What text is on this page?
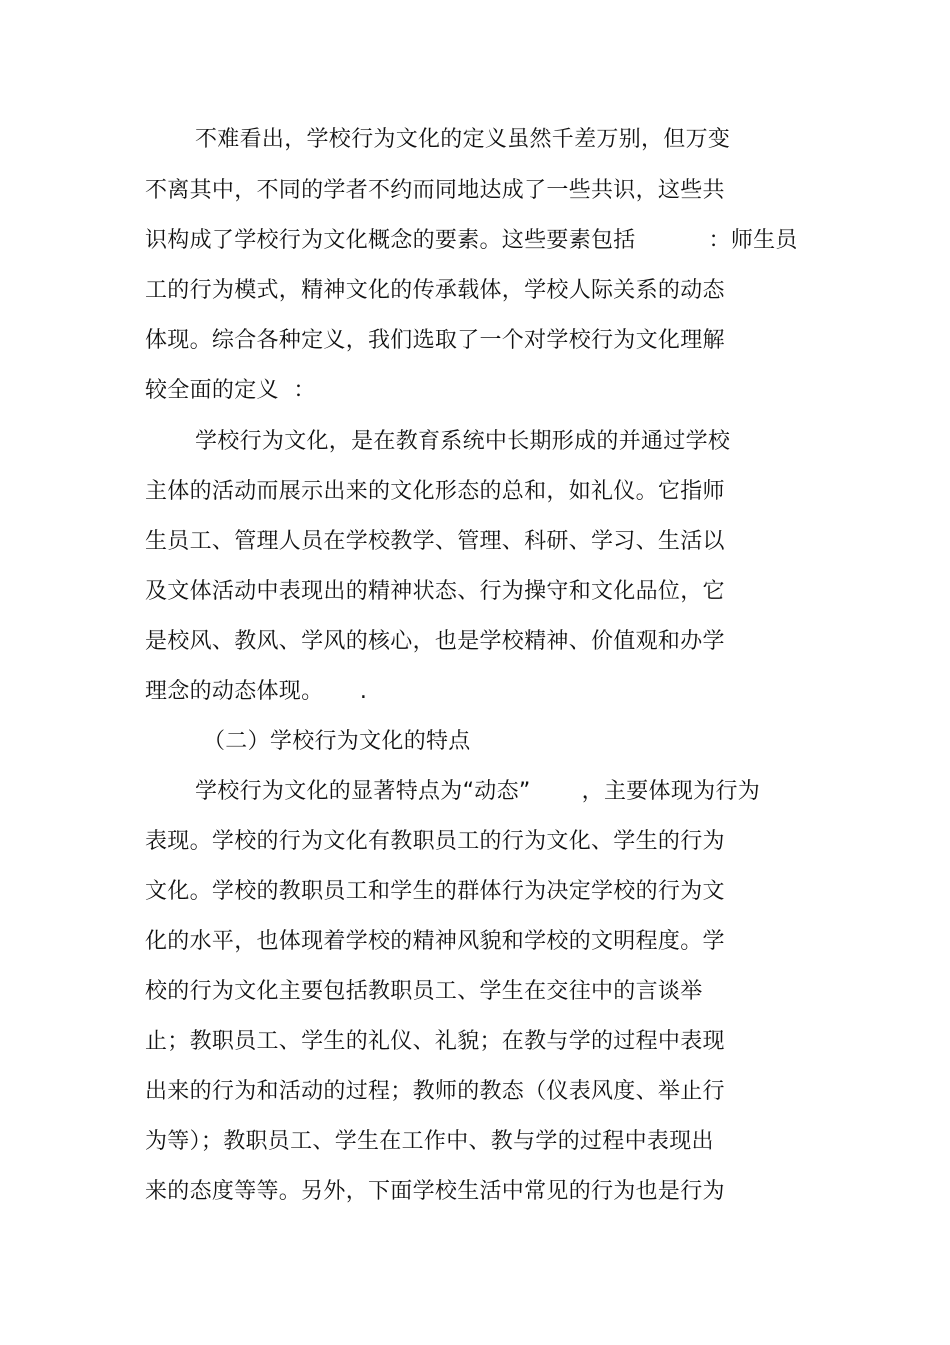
不难看出，学校行为文化的定义虽然千差万别，但万变
不离其中，不同的学者不约而同地达成了一些共识，这些共
识构成了学校行为文化概念的要素。这些要素包括          ：师生员
工的行为模式，精神文化的传承载体，学校人际关系的动态
体现。综合各种定义，我们选取了一个对学校行为文化理解
较全面的定义  ：
学校行为文化，是在教育系统中长期形成的并通过学校
主体的活动而展示出来的文化形态的总和，如礼仪。它指师
生员工、管理人员在学校教学、管理、科研、学习、生活以
及文体活动中表现出的精神状态、行为操守和文化品位，它
是校风、教风、学风的核心，也是学校精神、价值观和办学
理念的动态体现。     .
（二）学校行为文化的特点
学校行为文化的显著特点为“动态”       ，主要体现为行为
表现。学校的行为文化有教职员工的行为文化、学生的行为
文化。学校的教职员工和学生的群体行为决定学校的行为文
化的水平，也体现着学校的精神风貌和学校的文明程度。学
校的行为文化主要包括教职员工、学生在交往中的言谈举
止；教职员工、学生的礼仪、礼貌；在教与学的过程中表现
出来的行为和活动的过程；教师的教态（仪表风度、举止行
为等）；教职员工、学生在工作中、教与学的过程中表现出
来的态度等等。另外，下面学校生活中常见的行为也是行为
